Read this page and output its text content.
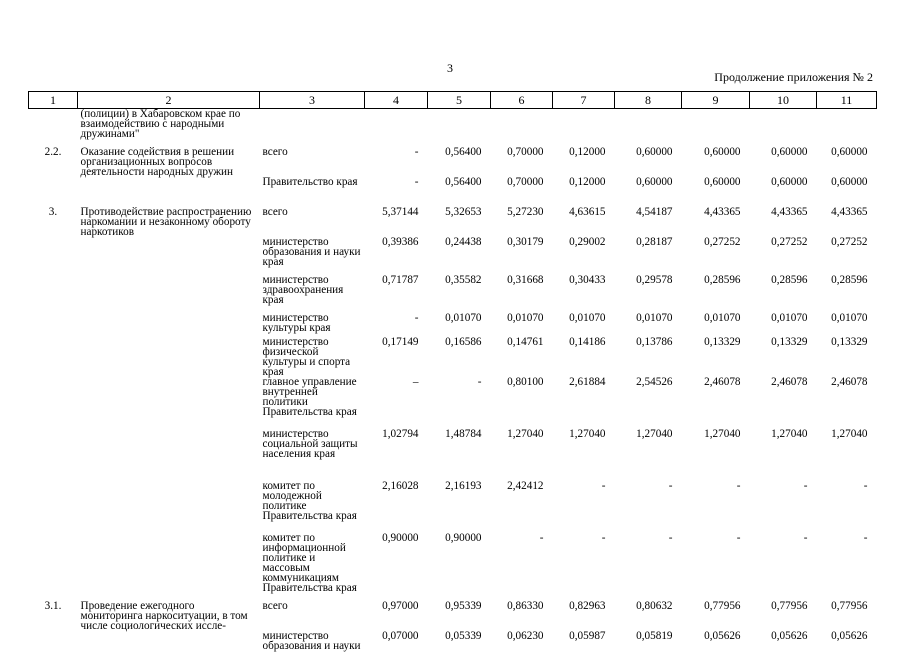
3
Продолжение приложения № 2
1	2	3	4	5	6	7	8	9	10	11
	(полиции) в Хабаровском крае по взаимодействию с народными дружинами"									

2.2.	Оказание содействия в решении организационных вопросов деятельности народных дружин	всего	-	0,56400	0,70000	0,12000	0,60000	0,60000	0,60000	0,60000
		Правительство края	-	0,56400	0,70000	0,12000	0,60000	0,60000	0,60000	0,60000

3.	Противодействие распространению наркомании и незаконному обороту наркотиков	всего	5,37144	5,32653	5,27230	4,63615	4,54187	4,43365	4,43365	4,43365
		министерство образования и науки края	0,39386	0,24438	0,30179	0,29002	0,28187	0,27252	0,27252	0,27252
		министерство здравоохранения края	0,71787	0,35582	0,31668	0,30433	0,29578	0,28596	0,28596	0,28596
		министерство культуры края	-	0,01070	0,01070	0,01070	0,01070	0,01070	0,01070	0,01070
		министерство физической культуры и спорта края	0,17149	0,16586	0,14761	0,14186	0,13786	0,13329	0,13329	0,13329
		главное управление внутренней политики Правительства края	–	-	0,80100	2,61884	2,54526	2,46078	2,46078	2,46078
		министерство социальной защиты населения края	1,02794	1,48784	1,27040	1,27040	1,27040	1,27040	1,27040	1,27040
		комитет по молодежной политике Правительства края	2,16028	2,16193	2,42412	-	-	-	-	-
		комитет по информационной политике и массовым коммуникациям Правительства края	0,90000	0,90000	-	-	-	-	-	-
3.1.	Проведение ежегодного мониторинга наркоситуации, в том числе социологических иссле-	всего	0,97000	0,95339	0,86330	0,82963	0,80632	0,77956	0,77956	0,77956
		министерство образования и науки	0,07000	0,05339	0,06230	0,05987	0,05819	0,05626	0,05626	0,05626
